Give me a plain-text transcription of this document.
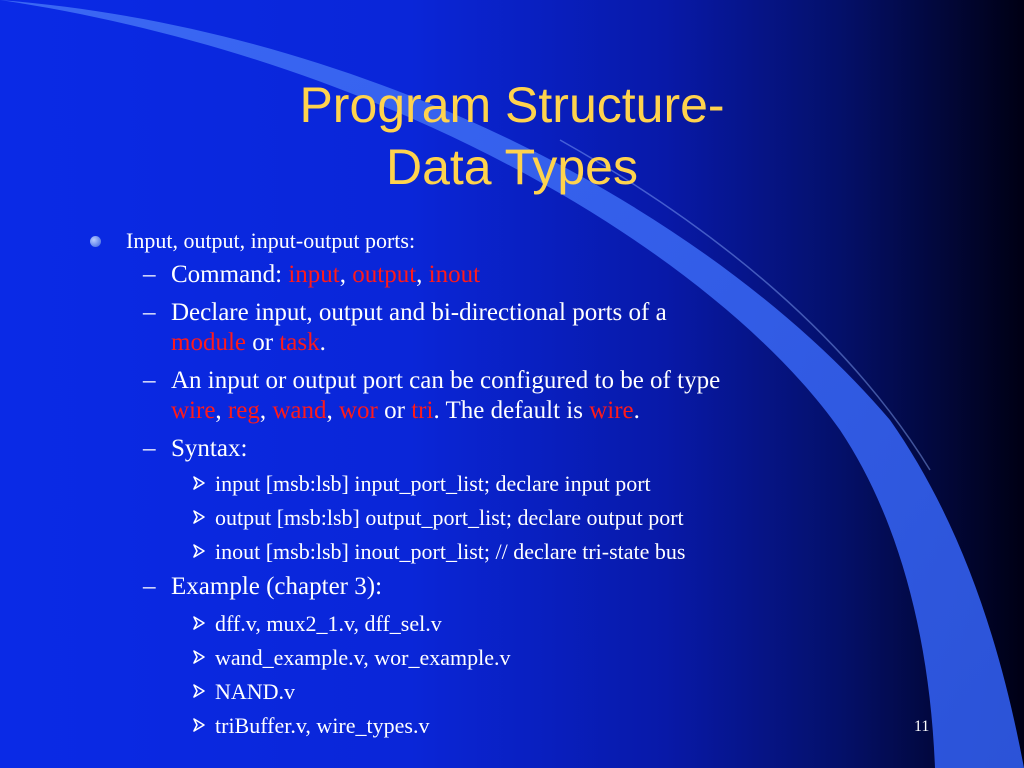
Program Structure-
Data Types
Input, output, input-output ports:
– Command: input, output, inout
– Declare input, output and bi-directional ports of a
module or task.
– An input or output port can be configured to be of type
wire, reg, wand, wor or tri. The default is wire.
– Syntax:
input [msb:lsb] input_port_list; declare input port
output [msb:lsb] output_port_list; declare output port
inout [msb:lsb] inout_port_list; // declare tri-state bus
– Example (chapter 3):
dff.v, mux2_1.v, dff_sel.v
wand_example.v, wor_example.v
NAND.v
triBuffer.v, wire_types.v	11
